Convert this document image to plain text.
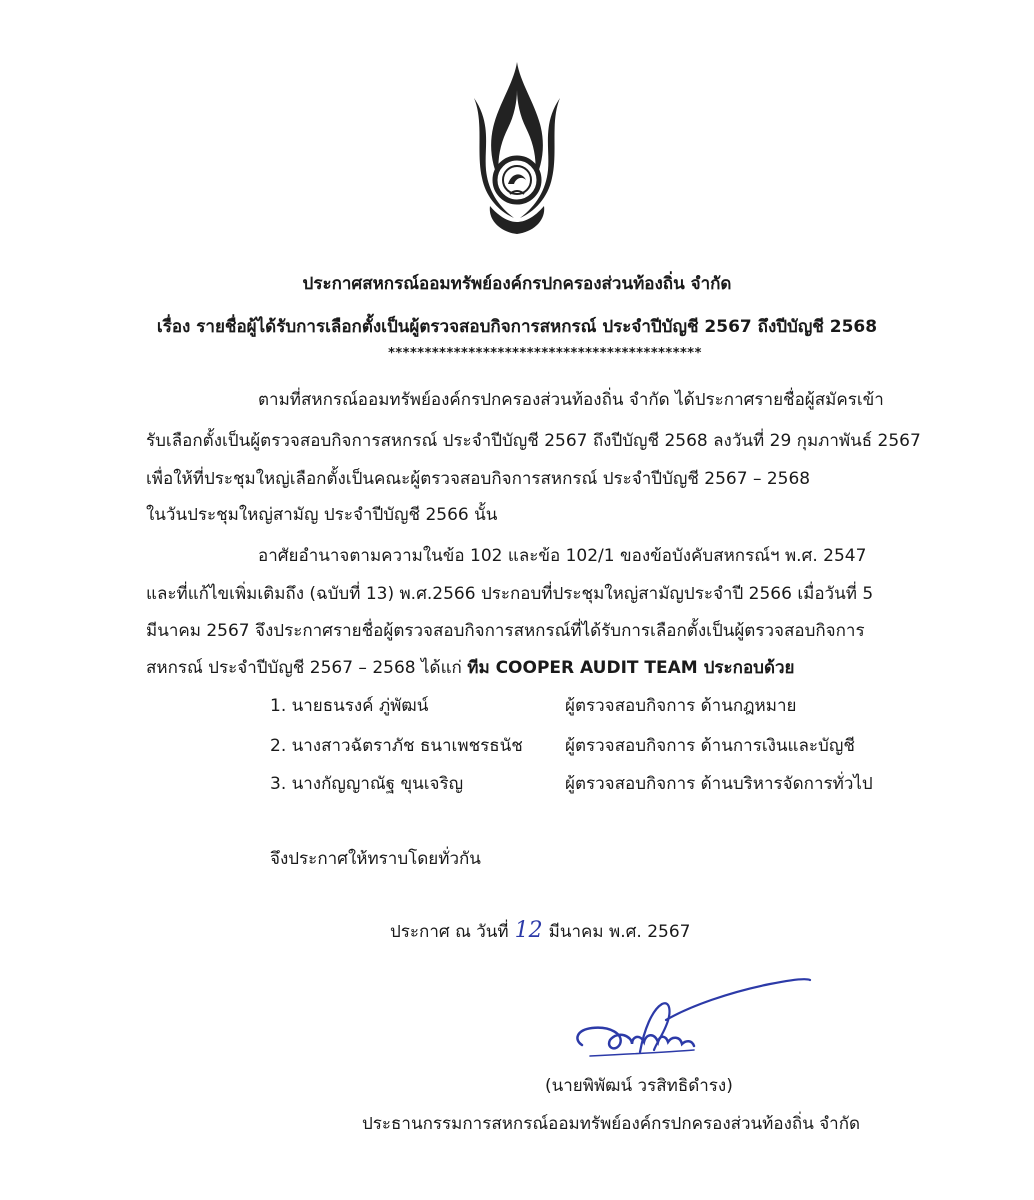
ประกาศสหกรณ์ออมทรัพย์องค์กรปกครองส่วนท้องถิ่น จำกัด
เรื่อง รายชื่อผู้ได้รับการเลือกตั้งเป็นผู้ตรวจสอบกิจการสหกรณ์ ประจำปีบัญชี 2567 ถึงปีบัญชี 2568
*******************************************
ตามที่สหกรณ์ออมทรัพย์องค์กรปกครองส่วนท้องถิ่น จำกัด ได้ประกาศรายชื่อผู้สมัครเข้า
รับเลือกตั้งเป็นผู้ตรวจสอบกิจการสหกรณ์ ประจำปีบัญชี 2567 ถึงปีบัญชี 2568 ลงวันที่ 29 กุมภาพันธ์ 2567
เพื่อให้ที่ประชุมใหญ่เลือกตั้งเป็นคณะผู้ตรวจสอบกิจการสหกรณ์ ประจำปีบัญชี 2567 – 2568
ในวันประชุมใหญ่สามัญ ประจำปีบัญชี 2566 นั้น
อาศัยอำนาจตามความในข้อ 102 และข้อ 102/1 ของข้อบังคับสหกรณ์ฯ พ.ศ. 2547
และที่แก้ไขเพิ่มเติมถึง (ฉบับที่ 13) พ.ศ.2566 ประกอบที่ประชุมใหญ่สามัญประจำปี 2566 เมื่อวันที่ 5
มีนาคม 2567 จึงประกาศรายชื่อผู้ตรวจสอบกิจการสหกรณ์ที่ได้รับการเลือกตั้งเป็นผู้ตรวจสอบกิจการ
สหกรณ์ ประจำปีบัญชี 2567 – 2568 ได้แก่ ทีม COOPER AUDIT TEAM ประกอบด้วย
1. นายธนรงค์ ภู่พัฒน์	ผู้ตรวจสอบกิจการ ด้านกฎหมาย
2. นางสาวฉัตราภัช ธนาเพชรธนัช ผู้ตรวจสอบกิจการ ด้านการเงินและบัญชี
3. นางกัญญาณัฐ ขุนเจริญ	ผู้ตรวจสอบกิจการ ด้านบริหารจัดการทั่วไป
จึงประกาศให้ทราบโดยทั่วกัน
ประกาศ ณ วันที่ 12 มีนาคม พ.ศ. 2567
(นายพิพัฒน์ วรสิทธิดำรง)
ประธานกรรมการสหกรณ์ออมทรัพย์องค์กรปกครองส่วนท้องถิ่น จำกัด
